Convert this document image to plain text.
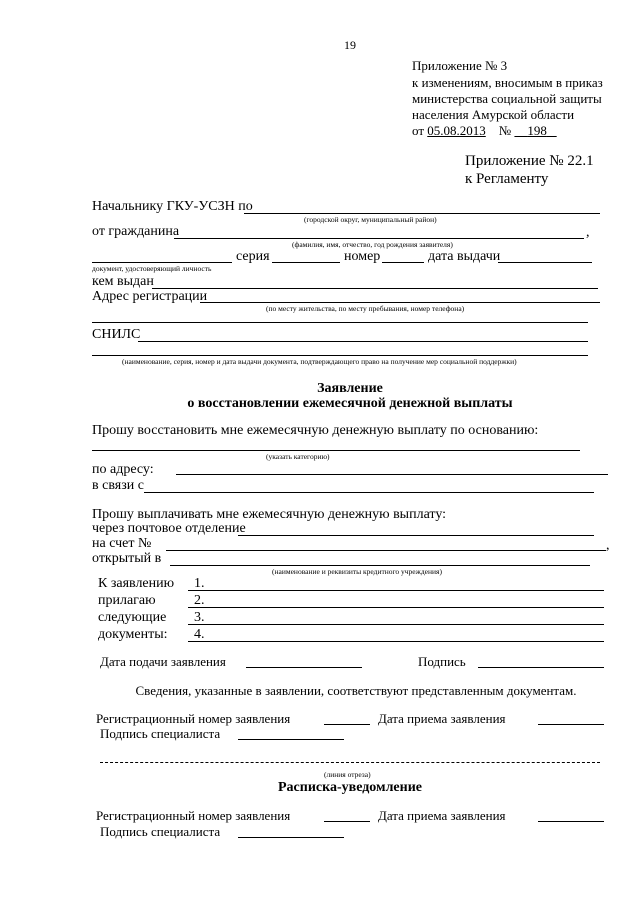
19
Приложение № 3
к изменениям, вносимым в приказ
министерства социальной защиты
населения Амурской области
от 05.08.2013 № 198
Приложение № 22.1
к Регламенту
Начальнику ГКУ-УСЗН по
(городской округ, муниципальный район)
от гражданина	,
(фамилия, имя, отчество, год рождения заявителя)
серия	номер	дата выдачи
документ, удостоверяющий личность
кем выдан
Адрес регистрации
(по месту жительства, по месту пребывания, номер телефона)
СНИЛС
(наименование, серия, номер и дата выдачи документа, подтверждающего право на получение мер социальной поддержки)
Заявление
о восстановлении ежемесячной денежной выплаты
Прошу восстановить мне ежемесячную денежную выплату по основанию:
(указать категорию)
по адресу:
в связи с
Прошу выплачивать мне ежемесячную денежную выплату:
через почтовое отделение
на счет №	,
открытый в
(наименование и реквизиты кредитного учреждения)
К заявлению
прилагаю
следующие
документы:
1.
2.
3.
4.
Дата подачи заявления	Подпись
Сведения, указанные в заявлении, соответствуют представленным документам.
Регистрационный номер заявления	Дата приема заявления
Подпись специалиста
(линия отреза)
Расписка-уведомление
Регистрационный номер заявления	Дата приема заявления
Подпись специалиста
